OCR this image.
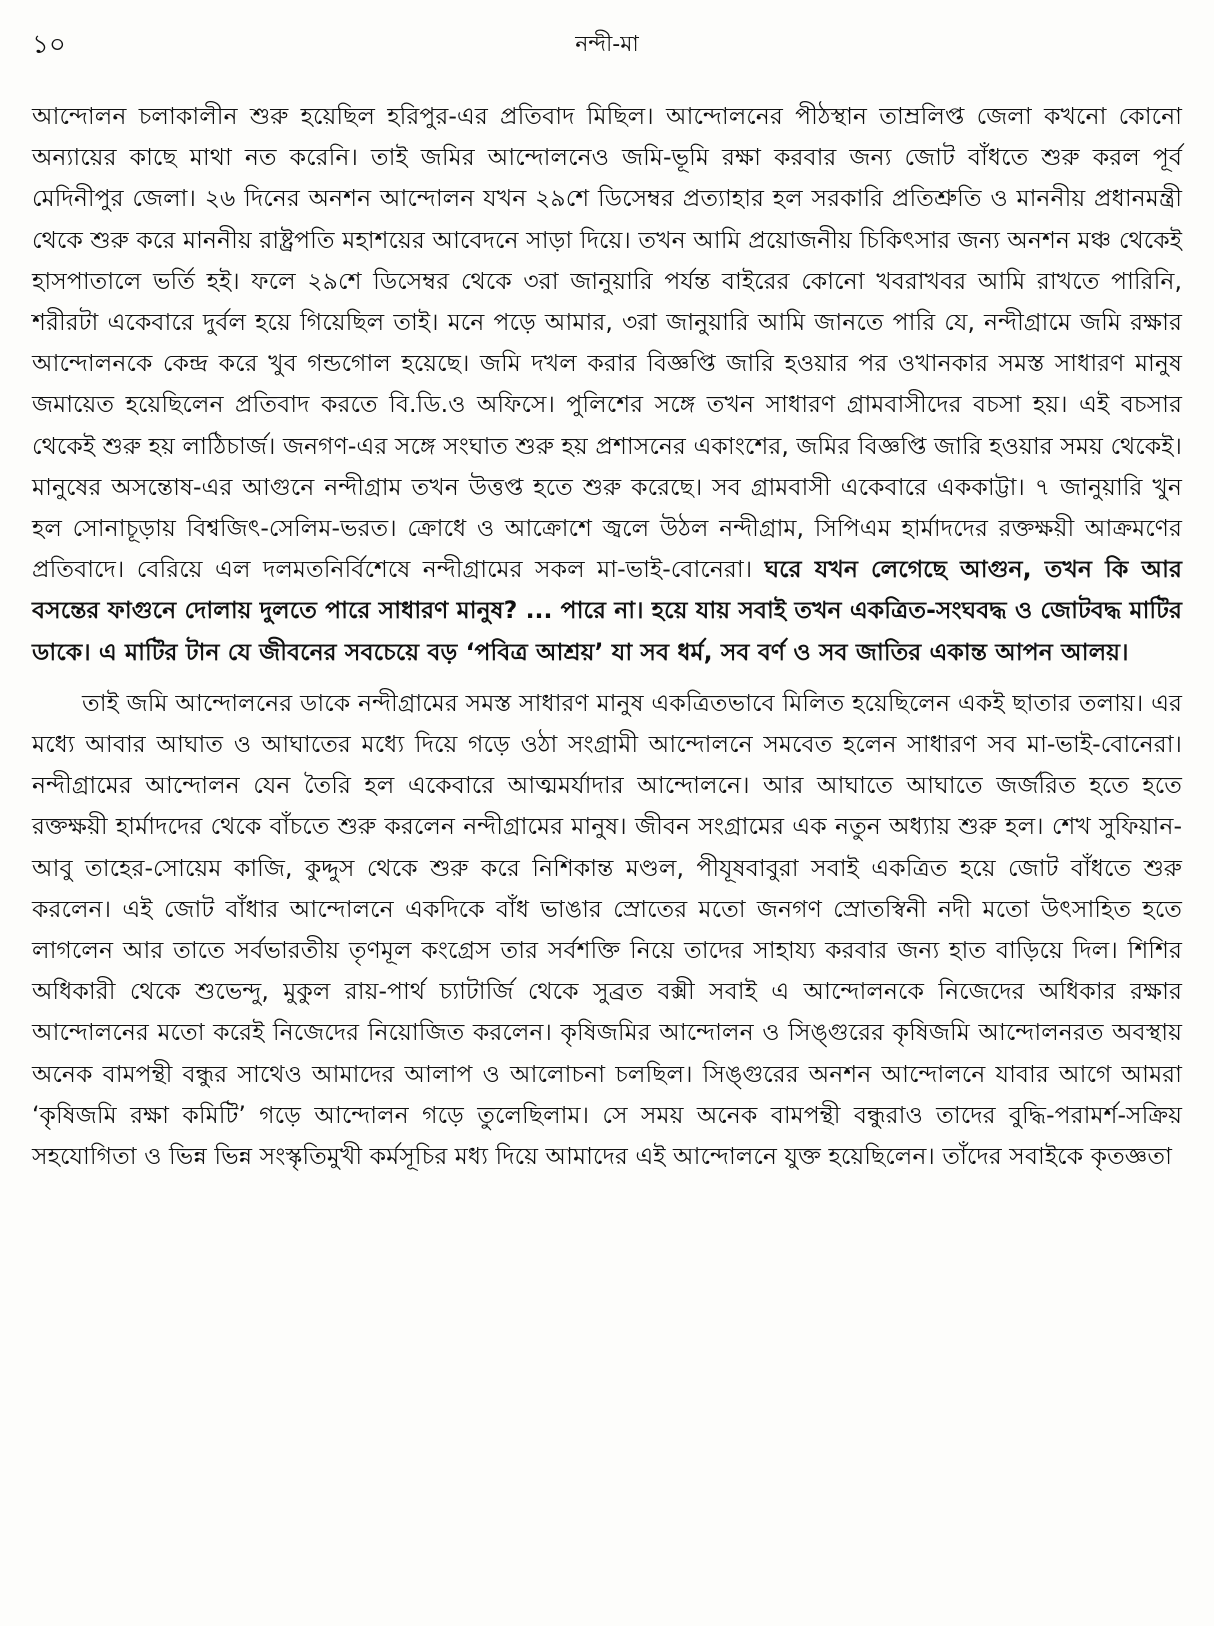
১০	নন্দী-মা

আন্দোলন চলাকালীন শুরু হয়েছিল হরিপুর-এর প্রতিবাদ মিছিল। আন্দোলনের পীঠস্থান তাম্রলিপ্ত জেলা কখনো কোনো অন্যায়ের কাছে মাথা নত করেনি। তাই জমির আন্দোলনেও জমি-ভূমি রক্ষা করবার জন্য জোট বাঁধতে শুরু করল পূর্ব মেদিনীপুর জেলা। ২৬ দিনের অনশন আন্দোলন যখন ২৯শে ডিসেম্বর প্রত্যাহার হল সরকারি প্রতিশ্রুতি ও মাননীয় প্রধানমন্ত্রী থেকে শুরু করে মাননীয় রাষ্ট্রপতি মহাশয়ের আবেদনে সাড়া দিয়ে। তখন আমি প্রয়োজনীয় চিকিৎসার জন্য অনশন মঞ্চ থেকেই হাসপাতালে ভর্তি হই। ফলে ২৯শে ডিসেম্বর থেকে ৩রা জানুয়ারি পর্যন্ত বাইরের কোনো খবরাখবর আমি রাখতে পারিনি, শরীরটা একেবারে দুর্বল হয়ে গিয়েছিল তাই। মনে পড়ে আমার, ৩রা জানুয়ারি আমি জানতে পারি যে, নন্দীগ্রামে জমি রক্ষার আন্দোলনকে কেন্দ্র করে খুব গন্ডগোল হয়েছে। জমি দখল করার বিজ্ঞপ্তি জারি হওয়ার পর ওখানকার সমস্ত সাধারণ মানুষ জমায়েত হয়েছিলেন প্রতিবাদ করতে বি.ডি.ও অফিসে। পুলিশের সঙ্গে তখন সাধারণ গ্রামবাসীদের বচসা হয়। এই বচসার থেকেই শুরু হয় লাঠিচার্জ। জনগণ-এর সঙ্গে সংঘাত শুরু হয় প্রশাসনের একাংশের, জমির বিজ্ঞপ্তি জারি হওয়ার সময় থেকেই। মানুষের অসন্তোষ-এর আগুনে নন্দীগ্রাম তখন উত্তপ্ত হতে শুরু করেছে। সব গ্রামবাসী একেবারে এককাট্টা। ৭ জানুয়ারি খুন হল সোনাচূড়ায় বিশ্বজিৎ-সেলিম-ভরত। ক্রোধে ও আক্রোশে জ্বলে উঠল নন্দীগ্রাম, সিপিএম হার্মাদদের রক্তক্ষয়ী আক্রমণের প্রতিবাদে। বেরিয়ে এল দলমতনির্বিশেষে নন্দীগ্রামের সকল মা-ভাই-বোনেরা। ঘরে যখন লেগেছে আগুন, তখন কি আর বসন্তের ফাগুনে দোলায় দুলতে পারে সাধারণ মানুষ? ... পারে না। হয়ে যায় সবাই তখন একত্রিত-সংঘবদ্ধ ও জোটবদ্ধ মাটির ডাকে। এ মাটির টান যে জীবনের সবচেয়ে বড় ‘পবিত্র আশ্রয়’ যা সব ধর্ম, সব বর্ণ ও সব জাতির একান্ত আপন আলয়।

তাই জমি আন্দোলনের ডাকে নন্দীগ্রামের সমস্ত সাধারণ মানুষ একত্রিতভাবে মিলিত হয়েছিলেন একই ছাতার তলায়। এর মধ্যে আবার আঘাত ও আঘাতের মধ্যে দিয়ে গড়ে ওঠা সংগ্রামী আন্দোলনে সমবেত হলেন সাধারণ সব মা-ভাই-বোনেরা। নন্দীগ্রামের আন্দোলন যেন তৈরি হল একেবারে আত্মমর্যাদার আন্দোলনে। আর আঘাতে আঘাতে জর্জরিত হতে হতে রক্তক্ষয়ী হার্মাদদের থেকে বাঁচতে শুরু করলেন নন্দীগ্রামের মানুষ। জীবন সংগ্রামের এক নতুন অধ্যায় শুরু হল। শেখ সুফিয়ান-আবু তাহের-সোয়েম কাজি, কুদ্দুস থেকে শুরু করে নিশিকান্ত মণ্ডল, পীযূষবাবুরা সবাই একত্রিত হয়ে জোট বাঁধতে শুরু করলেন। এই জোট বাঁধার আন্দোলনে একদিকে বাঁধ ভাঙার স্রোতের মতো জনগণ স্রোতস্বিনী নদী মতো উৎসাহিত হতে লাগলেন আর তাতে সর্বভারতীয় তৃণমূল কংগ্রেস তার সর্বশক্তি নিয়ে তাদের সাহায্য করবার জন্য হাত বাড়িয়ে দিল। শিশির অধিকারী থেকে শুভেন্দু, মুকুল রায়-পার্থ চ্যাটার্জি থেকে সুব্রত বক্সী সবাই এ আন্দোলনকে নিজেদের অধিকার রক্ষার আন্দোলনের মতো করেই নিজেদের নিয়োজিত করলেন। কৃষিজমির আন্দোলন ও সিঙ্গুরের কৃষিজমি আন্দোলনরত অবস্থায় অনেক বামপন্থী বন্ধুর সাথেও আমাদের আলাপ ও আলোচনা চলছিল। সিঙ্গুরের অনশন আন্দোলনে যাবার আগে আমরা ‘কৃষিজমি রক্ষা কমিটি’ গড়ে আন্দোলন গড়ে তুলেছিলাম। সে সময় অনেক বামপন্থী বন্ধুরাও তাদের বুদ্ধি-পরামর্শ-সক্রিয় সহযোগিতা ও ভিন্ন ভিন্ন সংস্কৃতিমুখী কর্মসূচির মধ্য দিয়ে আমাদের এই আন্দোলনে যুক্ত হয়েছিলেন। তাঁদের সবাইকে কৃতজ্ঞতা
